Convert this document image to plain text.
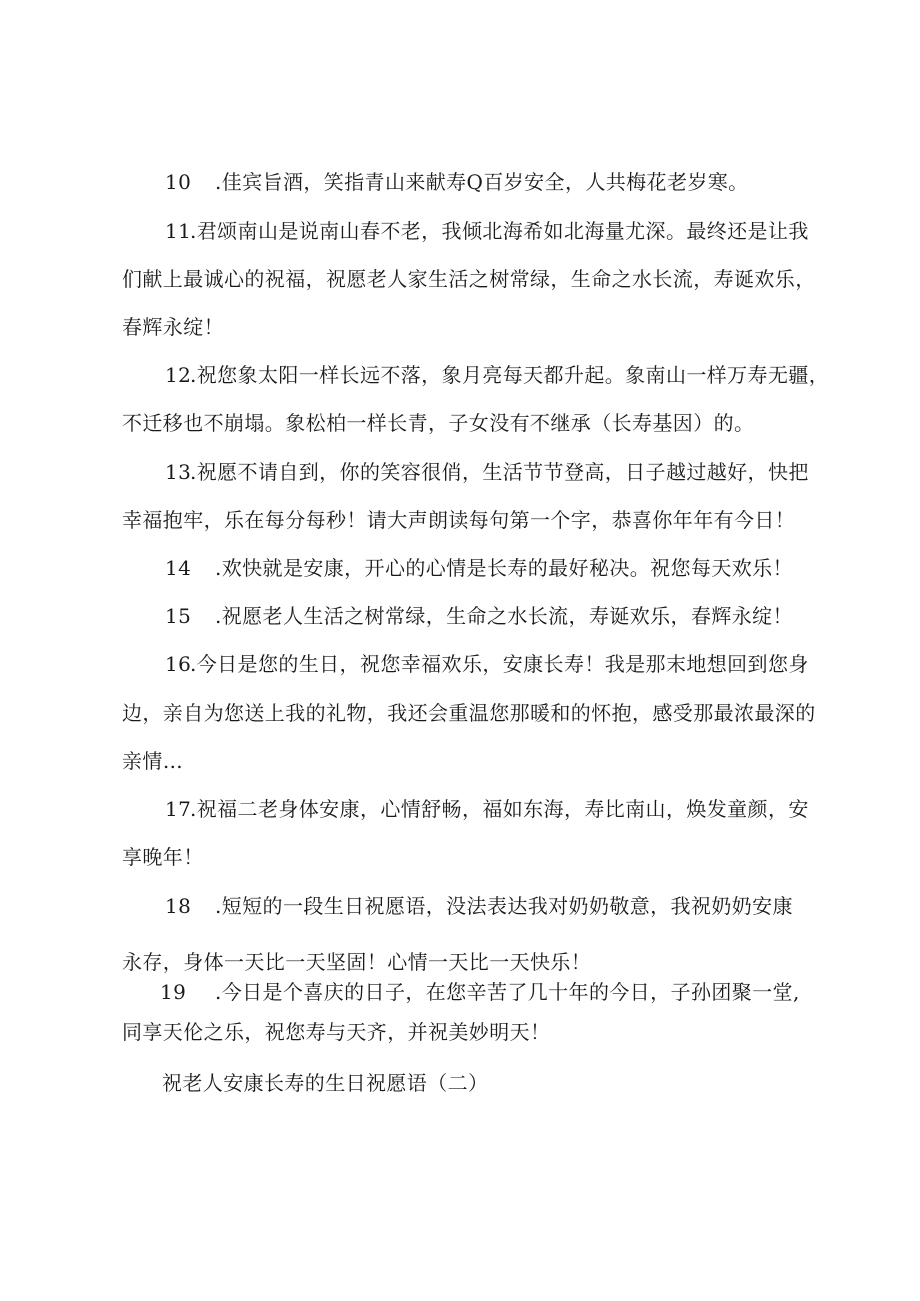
10 .佳宾旨酒，笑指青山来献寿Q百岁安全，人共梅花老岁寒。
11.君颂南山是说南山春不老，我倾北海希如北海量尤深。最终还是让我
们献上最诚心的祝福，祝愿老人家生活之树常绿，生命之水长流，寿诞欢乐，
春辉永绽！
12.祝您象太阳一样长远不落，象月亮每天都升起。象南山一样万寿无疆，
不迁移也不崩塌。象松柏一样长青，子女没有不继承（长寿基因）的。
13.祝愿不请自到，你的笑容很俏，生活节节登高，日子越过越好，快把
幸福抱牢，乐在每分每秒！请大声朗读每句第一个字，恭喜你年年有今日！
14 .欢快就是安康，开心的心情是长寿的最好秘决。祝您每天欢乐！
15 .祝愿老人生活之树常绿，生命之水长流，寿诞欢乐，春辉永绽！
16.今日是您的生日，祝您幸福欢乐，安康长寿！我是那末地想回到您身
边，亲自为您送上我的礼物，我还会重温您那暖和的怀抱，感受那最浓最深的
亲情…
17.祝福二老身体安康，心情舒畅，福如东海，寿比南山，焕发童颜，安
享晚年！
18 .短短的一段生日祝愿语，没法表达我对奶奶敬意，我祝奶奶安康
永存，身体一天比一天坚固！心情一天比一天快乐！
19 .今日是个喜庆的日子，在您辛苦了几十年的今日，子孙团聚一堂,
同享天伦之乐，祝您寿与天齐，并祝美妙明天！
祝老人安康长寿的生日祝愿语（二）
